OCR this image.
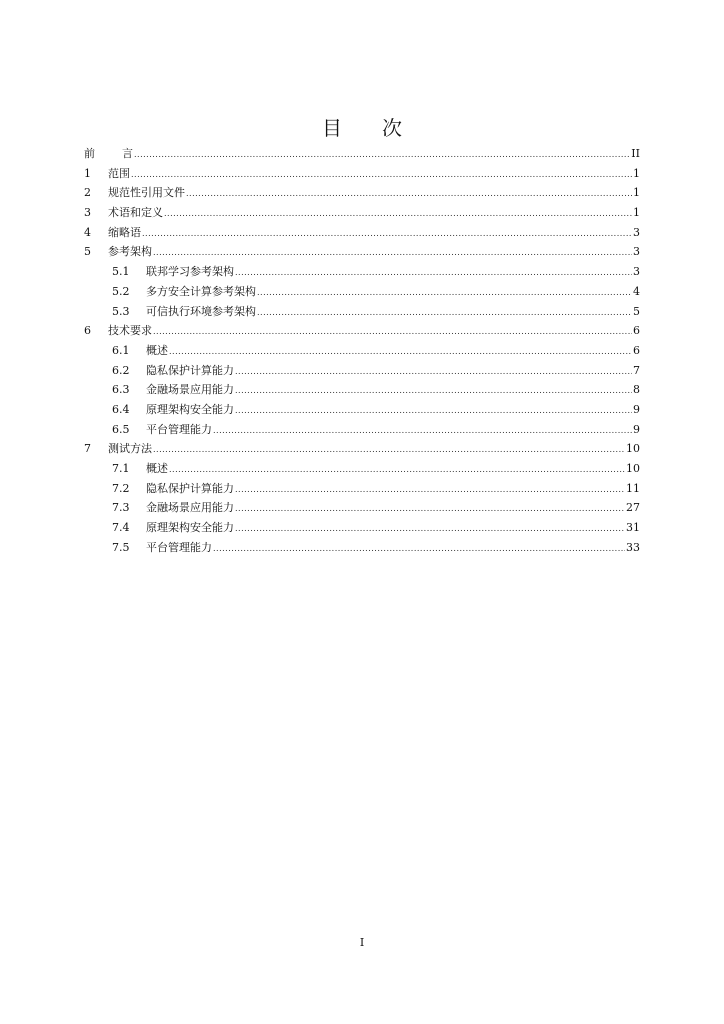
目 次
前	言 .....	II
1	范围 .....	1
2	规范性引用文件 .....	1
3	术语和定义 .....	1
4	缩略语 .....	3
5	参考架构 .....	3
5.1	联邦学习参考架构 .....	3
5.2	多方安全计算参考架构 .....	4
5.3	可信执行环境参考架构 .....	5
6	技术要求 .....	6
6.1	概述 .....	6
6.2	隐私保护计算能力 .....	7
6.3	金融场景应用能力 .....	8
6.4	原理架构安全能力 .....	9
6.5	平台管理能力 .....	9
7	测试方法 .....	10
7.1	概述 .....	10
7.2	隐私保护计算能力 .....	11
7.3	金融场景应用能力 .....	27
7.4	原理架构安全能力 .....	31
7.5	平台管理能力 .....	33
I
